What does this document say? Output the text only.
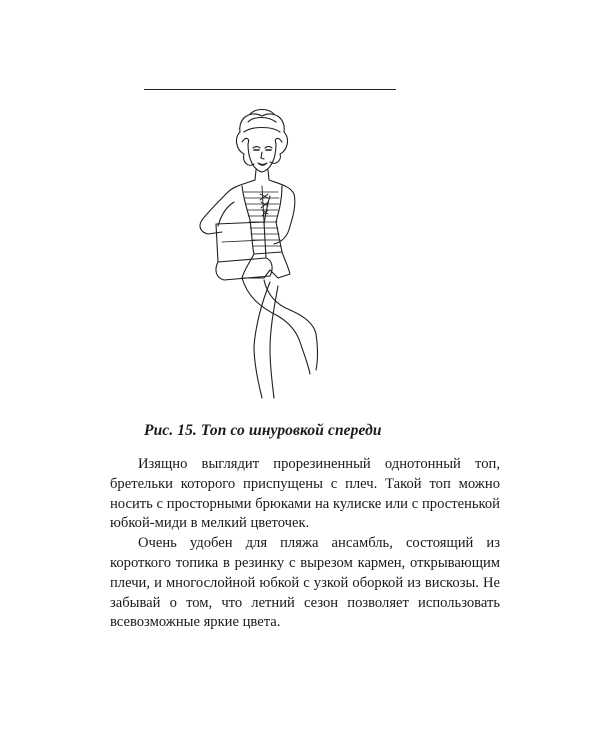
Рис. 15. Топ со шнуровкой спереди

Изящно выглядит прорезиненный однотонный топ, бретельки которого приспущены с плеч. Такой топ можно носить с просторными брюками на кулиске или с простенькой юбкой-миди в мелкий цветочек.

Очень удобен для пляжа ансамбль, состоящий из короткого топика в резинку с вырезом кармен, открывающим плечи, и многослойной юбкой с узкой оборкой из вискозы. Не забывай о том, что летний сезон позволяет использовать всевозможные яркие цвета.
